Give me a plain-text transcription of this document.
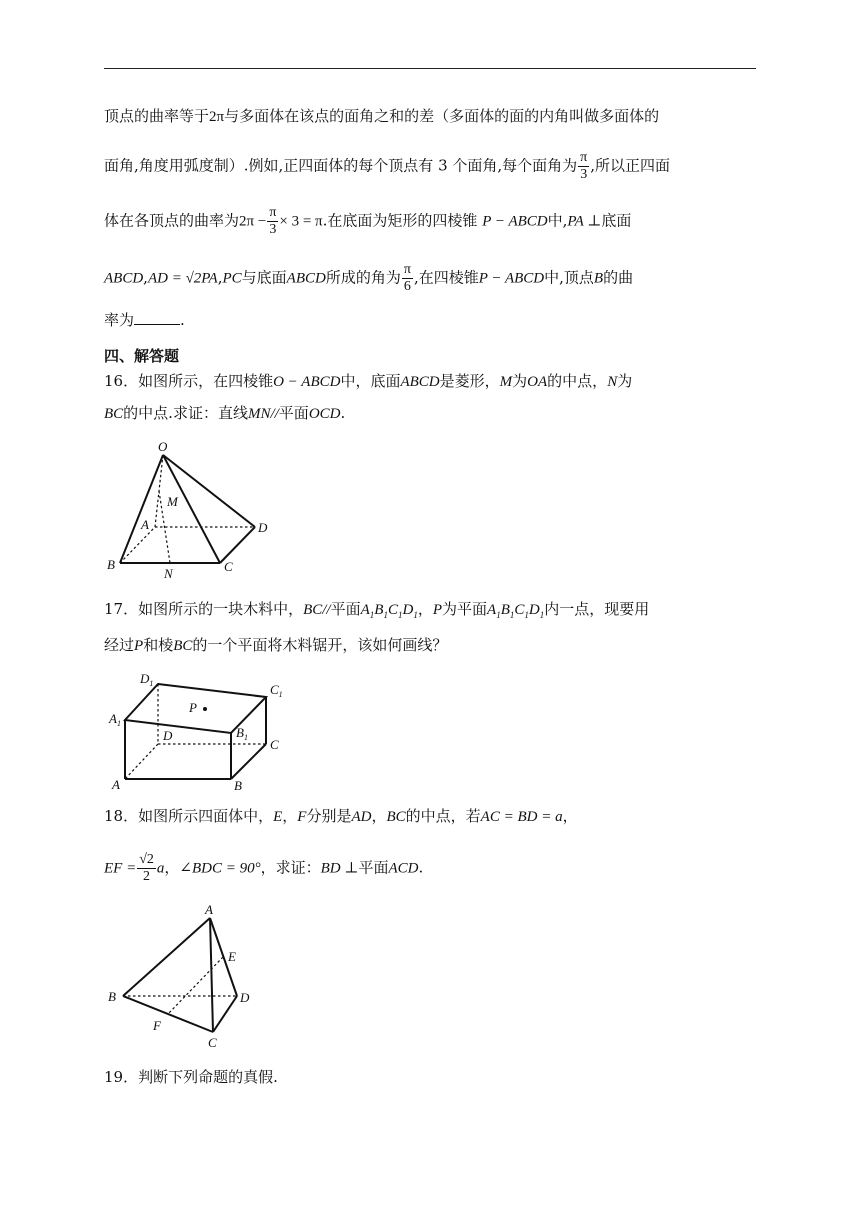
顶点的曲率等于2π与多面体在该点的面角之和的差（多面体的面的内角叫做多面体的
面角,角度用弧度制）.例如,正四面体的每个顶点有 3 个面角,每个面角为 $\frac{\pi}{3}$ ,所以正四面
体在各顶点的曲率为$2\pi - \frac{\pi}{3} \times 3 = \pi$.在底面为矩形的四棱锥 P − ABCD中,PA ⊥底面
ABCD,AD = √2PA,PC与底面ABCD所成的角为 $\frac{\pi}{6}$ ,在四棱锥P − ABCD中,顶点B的曲
率为	.
四、解答题
16．如图所示，在四棱锥O − ABCD中，底面ABCD是菱形，M为OA的中点，N为
BC的中点.求证：直线MN//平面OCD.
O
M
A	D
B
N	C
17．如图所示的一块木料中，BC//平面$A_1B_1C_1D_1$，P为平面$A_1B_1C_1D_1$内一点，现要用
经过P和棱BC的一个平面将木料锯开，该如何画线？
$D_1$	$C_1$
$A_1$
$B_1$
P
D
C
A	B
18．如图所示四面体中，E，F分别是AD，BC的中点，若AC = BD = a，
EF = $\frac{√2}{2}$ a，∠BDC = 90°，求证：BD ⊥平面ACD.
A
E
B	D
F
C
19．判断下列命题的真假.
